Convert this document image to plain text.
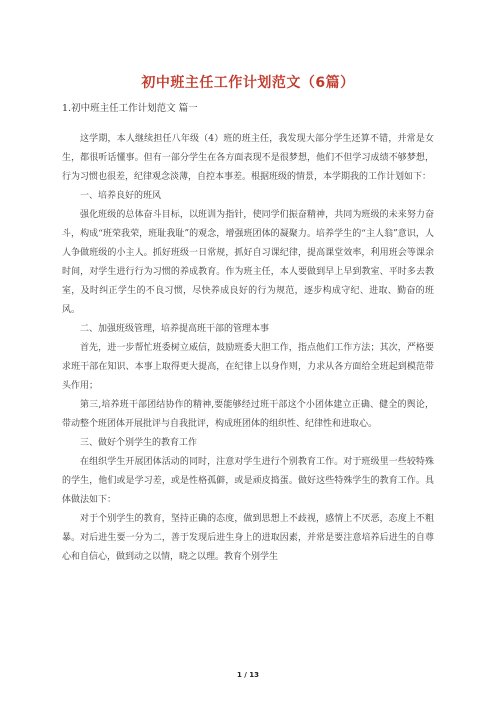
初中班主任工作计划范文（6篇）
1.初中班主任工作计划范文 篇一

这学期，本人继续担任八年级（4）班的班主任，我发现大部分学生还算不错，并常是女生，都很听话懂事。但有一部分学生在各方面表现不是很梦想，他们不但学习成绩不够梦想，行为习惯也很差，纪律观念淡薄，自控本事差。根据班级的情景，本学期我的工作计划如下：

一、培养良好的班风

强化班级的总体奋斗目标，以班训为指针，使同学们振奋精神，共同为班级的未来努力奋斗，构成“班荣我荣，班耻我耻”的观念，增强班团体的凝聚力。培养学生的“主人翁”意识，人人争做班级的小主人。抓好班级一日常规，抓好自习课纪律，提高课堂效率，利用班会等课余时间，对学生进行行为习惯的养成教育。作为班主任，本人要做到早上早到教室、平时多去教室，及时纠正学生的不良习惯，尽快养成良好的行为规范，逐步构成守纪、进取、勤奋的班风。

二、加强班级管理，培养提高班干部的管理本事

首先，进一步帮忙班委树立威信，鼓励班委大胆工作，指点他们工作方法；其次，严格要求班干部在知识、本事上取得更大提高，在纪律上以身作则，力求从各方面给全班起到模范带头作用；

第三,培养班干部团结协作的精神,要能够经过班干部这个小团体建立正确、健全的舆论，带动整个班团体开展批评与自我批评，构成班团体的组织性、纪律性和进取心。

三、做好个别学生的教育工作

在组织学生开展团体活动的同时，注意对学生进行个别教育工作。对于班级里一些较特殊的学生，他们或是学习差，或是性格孤僻，或是顽皮捣蛋。做好这些特殊学生的教育工作。具体做法如下：

对于个别学生的教育，坚持正确的态度，做到思想上不歧视，感情上不厌恶，态度上不粗暴。对后进生要一分为二，善于发现后进生身上的进取因素，并常是要注意培养后进生的自尊心和自信心，做到动之以情，晓之以理。教育个别学生

1 / 13
